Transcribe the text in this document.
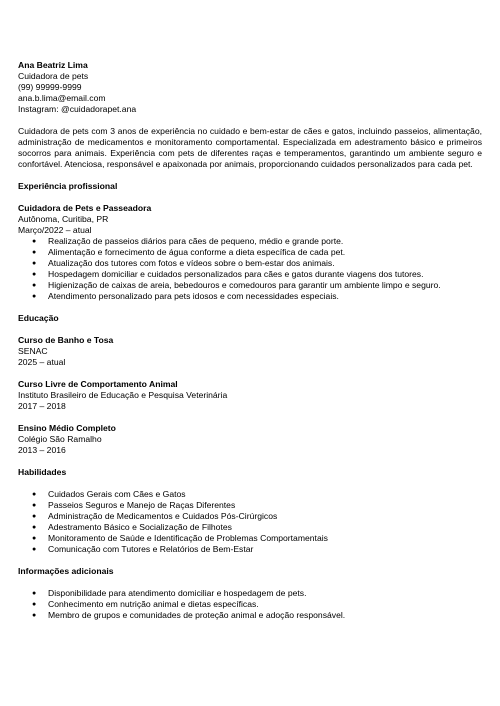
Ana Beatriz Lima

Cuidadora de pets

(99) 99999-9999

ana.b.lima@email.com

Instagram: @cuidadorapet.ana

Cuidadora de pets com 3 anos de experiência no cuidado e bem-estar de cães e gatos, incluindo passeios, alimentação, administração de medicamentos e monitoramento comportamental. Especializada em adestramento básico e primeiros socorros para animais. Experiência com pets de diferentes raças e temperamentos, garantindo um ambiente seguro e confortável. Atenciosa, responsável e apaixonada por animais, proporcionando cuidados personalizados para cada pet.

Experiência profissional

Cuidadora de Pets e Passeadora

Autônoma, Curitiba, PR

Março/2022 – atual

● Realização de passeios diários para cães de pequeno, médio e grande porte.
● Alimentação e fornecimento de água conforme a dieta específica de cada pet.
● Atualização dos tutores com fotos e vídeos sobre o bem-estar dos animais.
● Hospedagem domiciliar e cuidados personalizados para cães e gatos durante viagens dos tutores.
● Higienização de caixas de areia, bebedouros e comedouros para garantir um ambiente limpo e seguro.
● Atendimento personalizado para pets idosos e com necessidades especiais.

Educação

Curso de Banho e Tosa

SENAC

2025 – atual

Curso Livre de Comportamento Animal

Instituto Brasileiro de Educação e Pesquisa Veterinária

2017 – 2018

Ensino Médio Completo

Colégio São Ramalho

2013 – 2016

Habilidades

● Cuidados Gerais com Cães e Gatos
● Passeios Seguros e Manejo de Raças Diferentes
● Administração de Medicamentos e Cuidados Pós-Cirúrgicos
● Adestramento Básico e Socialização de Filhotes
● Monitoramento de Saúde e Identificação de Problemas Comportamentais
● Comunicação com Tutores e Relatórios de Bem-Estar

Informações adicionais

● Disponibilidade para atendimento domiciliar e hospedagem de pets.
● Conhecimento em nutrição animal e dietas específicas.
● Membro de grupos e comunidades de proteção animal e adoção responsável.
